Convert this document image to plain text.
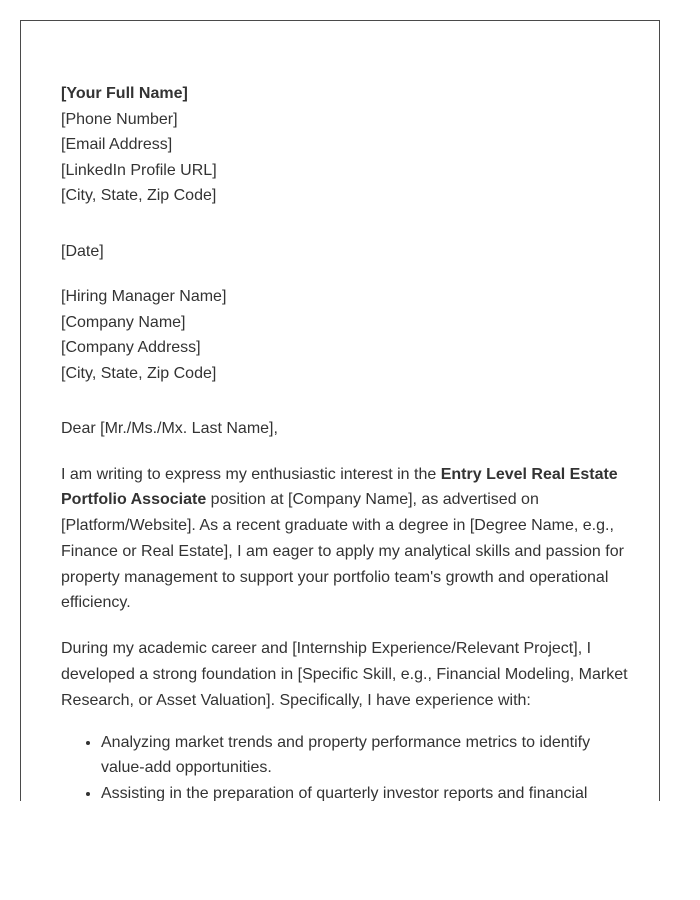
[Your Full Name]
[Phone Number]
[Email Address]
[LinkedIn Profile URL]
[City, State, Zip Code]
[Date]
[Hiring Manager Name]
[Company Name]
[Company Address]
[City, State, Zip Code]
Dear [Mr./Ms./Mx. Last Name],

I am writing to express my enthusiastic interest in the Entry Level Real Estate Portfolio Associate position at [Company Name], as advertised on [Platform/Website]. As a recent graduate with a degree in [Degree Name, e.g., Finance or Real Estate], I am eager to apply my analytical skills and passion for property management to support your portfolio team's growth and operational efficiency.

During my academic career and [Internship Experience/Relevant Project], I developed a strong foundation in [Specific Skill, e.g., Financial Modeling, Market Research, or Asset Valuation]. Specifically, I have experience with:

• Analyzing market trends and property performance metrics to identify value-add opportunities.
• Assisting in the preparation of quarterly investor reports and financial
